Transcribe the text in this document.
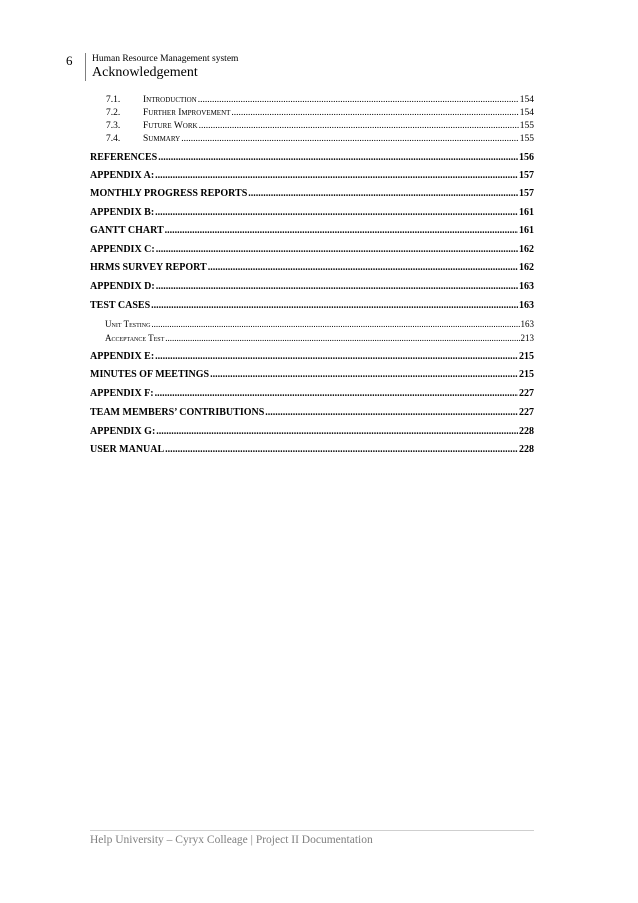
6 Human Resource Management system
Acknowledgement
7.1. Introduction .....	154
7.2. Further Improvement .....	154
7.3. Future Work .....	155
7.4. Summary .....	155
REFERENCES .....	156
APPENDIX A: .....	157
MONTHLY PROGRESS REPORTS .....	157
APPENDIX B: .....	161
GANTT CHART .....	161
APPENDIX C: .....	162
HRMS SURVEY REPORT .....	162
APPENDIX D: .....	163
TEST CASES .....	163
Unit Testing .....	163
Acceptance Test .....	213
APPENDIX E: .....	215
MINUTES OF MEETINGS .....	215
APPENDIX F: .....	227
TEAM MEMBERS’ CONTRIBUTIONS .....	227
APPENDIX G: .....	228
USER MANUAL .....	228
Help University – Cyryx Colleage | Project II Documentation
